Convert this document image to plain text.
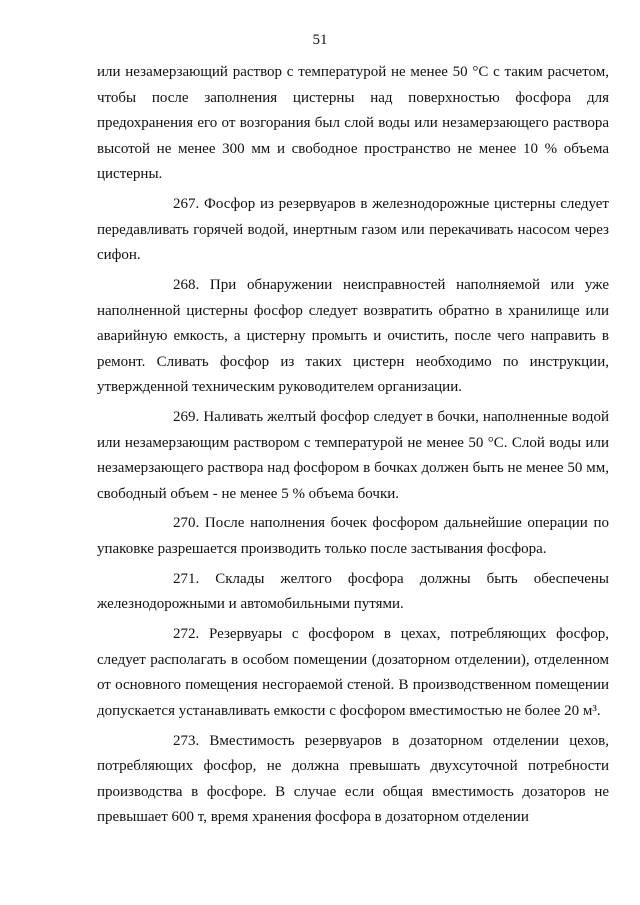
51

или незамерзающий раствор с температурой не менее 50 °С с таким расчетом, чтобы после заполнения цистерны над поверхностью фосфора для предохранения его от возгорания был слой воды или незамерзающего раствора высотой не менее 300 мм и свободное пространство не менее 10 % объема цистерны.

267. Фосфор из резервуаров в железнодорожные цистерны следует передавливать горячей водой, инертным газом или перекачивать насосом через сифон.

268. При обнаружении неисправностей наполняемой или уже наполненной цистерны фосфор следует возвратить обратно в хранилище или аварийную емкость, а цистерну промыть и очистить, после чего направить в ремонт. Сливать фосфор из таких цистерн необходимо по инструкции, утвержденной техническим руководителем организации.

269. Наливать желтый фосфор следует в бочки, наполненные водой или незамерзающим раствором с температурой не менее 50 °С. Слой воды или незамерзающего раствора над фосфором в бочках должен быть не менее 50 мм, свободный объем - не менее 5 % объема бочки.

270. После наполнения бочек фосфором дальнейшие операции по упаковке разрешается производить только после застывания фосфора.

271. Склады желтого фосфора должны быть обеспечены железнодорожными и автомобильными путями.

272. Резервуары с фосфором в цехах, потребляющих фосфор, следует располагать в особом помещении (дозаторном отделении), отделенном от основного помещения несгораемой стеной. В производственном помещении допускается устанавливать емкости с фосфором вместимостью не более 20 м³.

273. Вместимость резервуаров в дозаторном отделении цехов, потребляющих фосфор, не должна превышать двухсуточной потребности производства в фосфоре. В случае если общая вместимость дозаторов не превышает 600 т, время хранения фосфора в дозаторном отделении
